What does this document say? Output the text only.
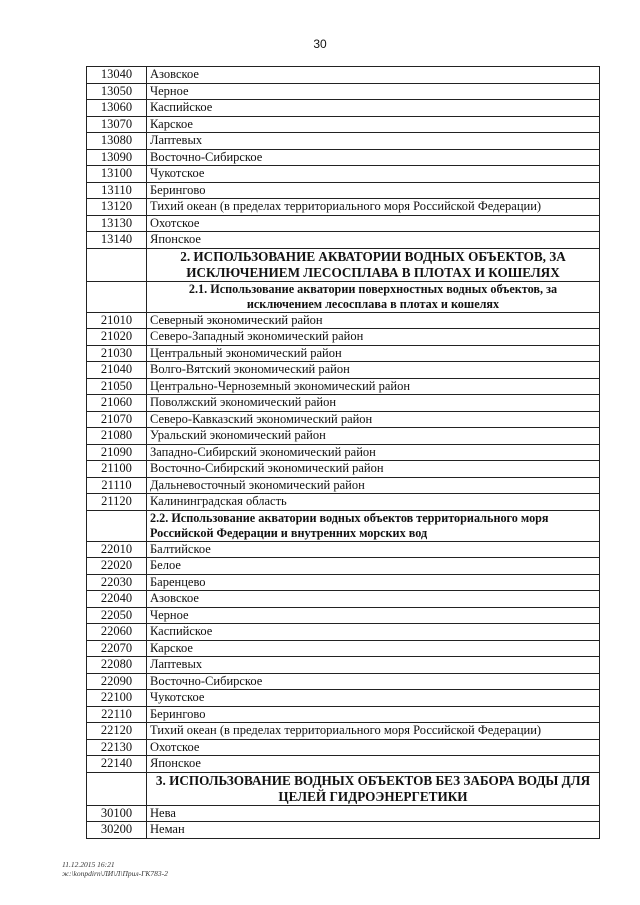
30
13040	Азовское
13050	Черное
13060	Каспийское
13070	Карское
13080	Лаптевых
13090	Восточно-Сибирское
13100	Чукотское
13110	Берингово
13120	Тихий океан (в пределах территориального моря Российской Федерации)
13130	Охотское
13140	Японское
	2. ИСПОЛЬЗОВАНИЕ АКВАТОРИИ ВОДНЫХ ОБЪЕКТОВ, ЗА ИСКЛЮЧЕНИЕМ ЛЕСОСПЛАВА В ПЛОТАХ И КОШЕЛЯХ
	2.1. Использование акватории поверхностных водных объектов, за исключением лесосплава в плотах и кошелях
21010	Северный экономический район
21020	Северо-Западный экономический район
21030	Центральный экономический район
21040	Волго-Вятский экономический район
21050	Центрально-Черноземный экономический район
21060	Поволжский экономический район
21070	Северо-Кавказский экономический район
21080	Уральский экономический район
21090	Западно-Сибирский экономический район
21100	Восточно-Сибирский экономический район
21110	Дальневосточный экономический район
21120	Калининградская область
	2.2. Использование акватории водных объектов территориального моря Российской Федерации и внутренних морских вод
22010	Балтийское
22020	Белое
22030	Баренцево
22040	Азовское
22050	Черное
22060	Каспийское
22070	Карское
22080	Лаптевых
22090	Восточно-Сибирское
22100	Чукотское
22110	Берингово
22120	Тихий океан (в пределах территориального моря Российской Федерации)
22130	Охотское
22140	Японское
	3. ИСПОЛЬЗОВАНИЕ ВОДНЫХ ОБЪЕКТОВ БЕЗ ЗАБОРА ВОДЫ ДЛЯ ЦЕЛЕЙ ГИДРОЭНЕРГЕТИКИ
30100	Нева
30200	Неман
11.12.2015 16:21
ж:\konpdirn\ЛИ\Л\Прил-ГК783-2
